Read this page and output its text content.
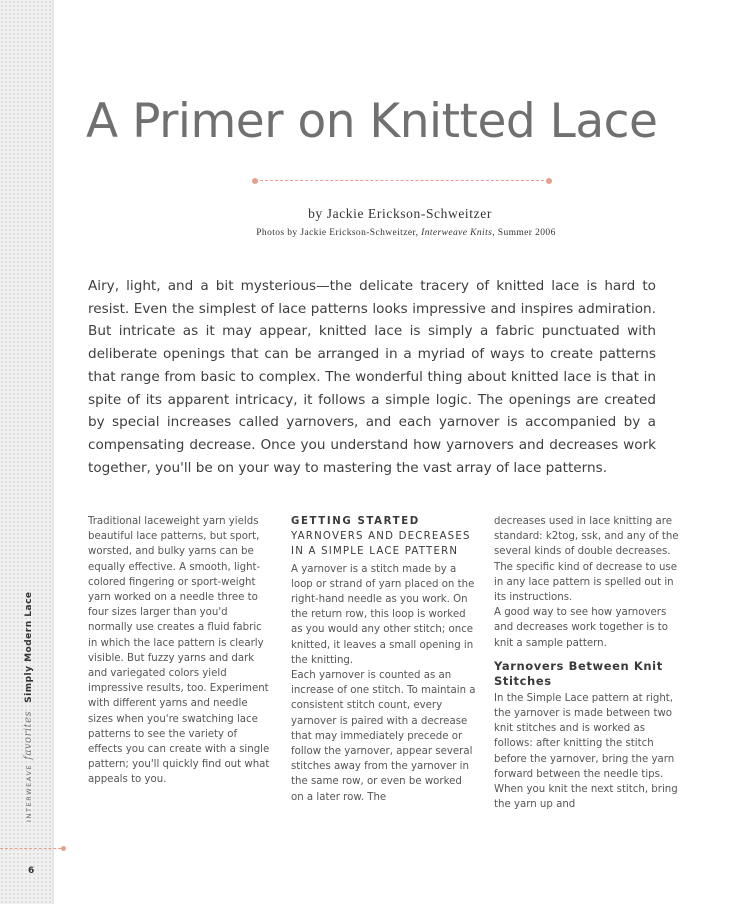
INTERWEAVEfavoritesSimply Modern Lace
6
A Primer on Knitted Lace
by Jackie Erickson-Schweitzer
Photos by Jackie Erickson-Schweitzer, Interweave Knits, Summer 2006

Airy, light, and a bit mysterious—the delicate tracery of knitted lace is hard to resist. Even the simplest of lace patterns looks impressive and inspires admiration. But intricate as it may appear, knitted lace is simply a fabric punctuated with deliberate openings that can be arranged in a myriad of ways to create patterns that range from basic to complex. The wonderful thing about knitted lace is that in spite of its apparent intricacy, it follows a simple logic. The openings are created by special increases called yarnovers, and each yarnover is accompanied by a compensating decrease. Once you understand how yarnovers and decreases work together, you'll be on your way to mastering the vast array of lace patterns.

Traditional laceweight yarn yields beautiful lace patterns, but sport, worsted, and bulky yarns can be equally effective. A smooth, light-colored fingering or sport-weight yarn worked on a needle three to four sizes larger than you'd normally use creates a fluid fabric in which the lace pattern is clearly visible. But fuzzy yarns and dark and variegated colors yield impressive results, too. Experiment with different yarns and needle sizes when you're swatching lace patterns to see the variety of effects you can create with a single pattern; you'll quickly find out what appeals to you.

GETTING STARTED

YARNOVERS AND DECREASES IN A SIMPLE LACE PATTERN

A yarnover is a stitch made by a loop or strand of yarn placed on the right-hand needle as you work. On the return row, this loop is worked as you would any other stitch; once knitted, it leaves a small opening in the knitting.

Each yarnover is counted as an increase of one stitch. To maintain a consistent stitch count, every yarnover is paired with a decrease that may immediately precede or follow the yarnover, appear several stitches away from the yarnover in the same row, or even be worked on a later row. The

decreases used in lace knitting are standard: k2tog, ssk, and any of the several kinds of double decreases. The specific kind of decrease to use in any lace pattern is spelled out in its instructions.

A good way to see how yarnovers and decreases work together is to knit a sample pattern.

Yarnovers Between Knit Stitches

In the Simple Lace pattern at right, the yarnover is made between two knit stitches and is worked as follows: after knitting the stitch before the yarnover, bring the yarn forward between the needle tips. When you knit the next stitch, bring the yarn up and
